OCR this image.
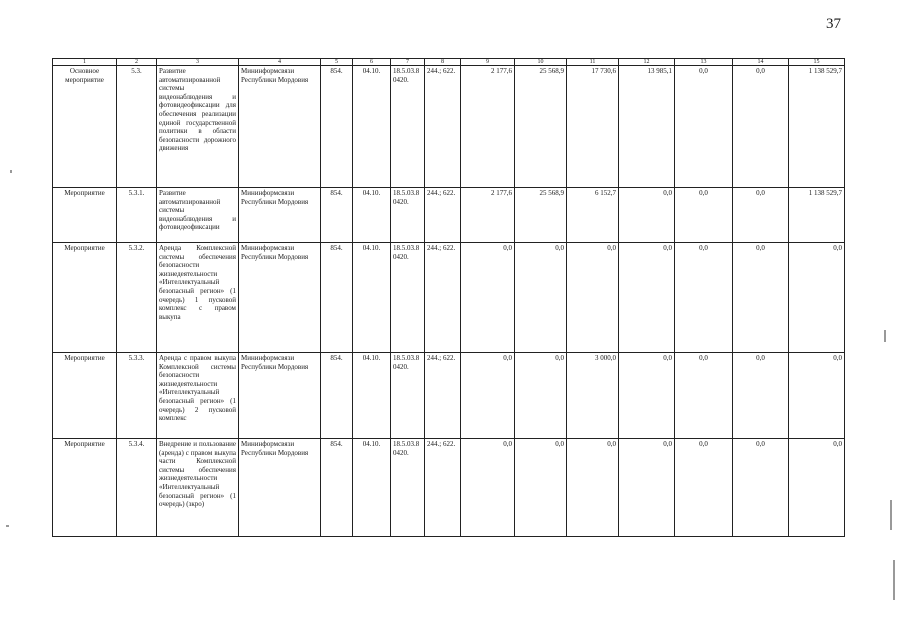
37
1	2	3	4	5	6	7	8	9	10	11	12	13	14	15
Основное мероприятие	5.3.	Развитие автоматизированной системы видеонаблюдения и фотовидеофиксации для обеспечения реализации единой государственной политики в области безопасности дорожного движения	Мининформсвязи Республики Мордовия	854.	04.10.	18.5.03.8 0420.	244.; 622.	2 177,6	25 568,9	17 730,6	13 985,1	0,0	0,0	1 138 529,7
Мероприятие	5.3.1.	Развитие автоматизированной системы видеонаблюдения и фотовидеофиксации	Мининформсвязи Республики Мордовия	854.	04.10.	18.5.03.8 0420.	244.; 622.	2 177,6	25 568,9	6 152,7	0,0	0,0	0,0	1 138 529,7
Мероприятие	5.3.2.	Аренда Комплексной системы обеспечения безопасности жизнедеятельности «Интеллектуальный безопасный регион» (1 очередь) 1 пусковой комплекс с правом выкупа	Мининформсвязи Республики Мордовия	854.	04.10.	18.5.03.8 0420.	244.; 622.	0,0	0,0	0,0	0,0	0,0	0,0	0,0
Мероприятие	5.3.3.	Аренда с правом выкупа Комплексной системы безопасности жизнедеятельности «Интеллектуальный безопасный регион» (1 очередь) 2 пусковой комплекс	Мининформсвязи Республики Мордовия	854.	04.10.	18.5.03.8 0420.	244.; 622.	0,0	0,0	3 000,0	0,0	0,0	0,0	0,0
Мероприятие	5.3.4.	Внедрение и пользование (аренда) с правом выкупа части Комплексной системы обеспечения жизнедеятельности «Интеллектуальный безопасный регион» (1 очередь) (зкро)	Мининформсвязи Республики Мордовия	854.	04.10.	18.5.03.8 0420.	244.; 622.	0,0	0,0	0,0	0,0	0,0	0,0	0,0
